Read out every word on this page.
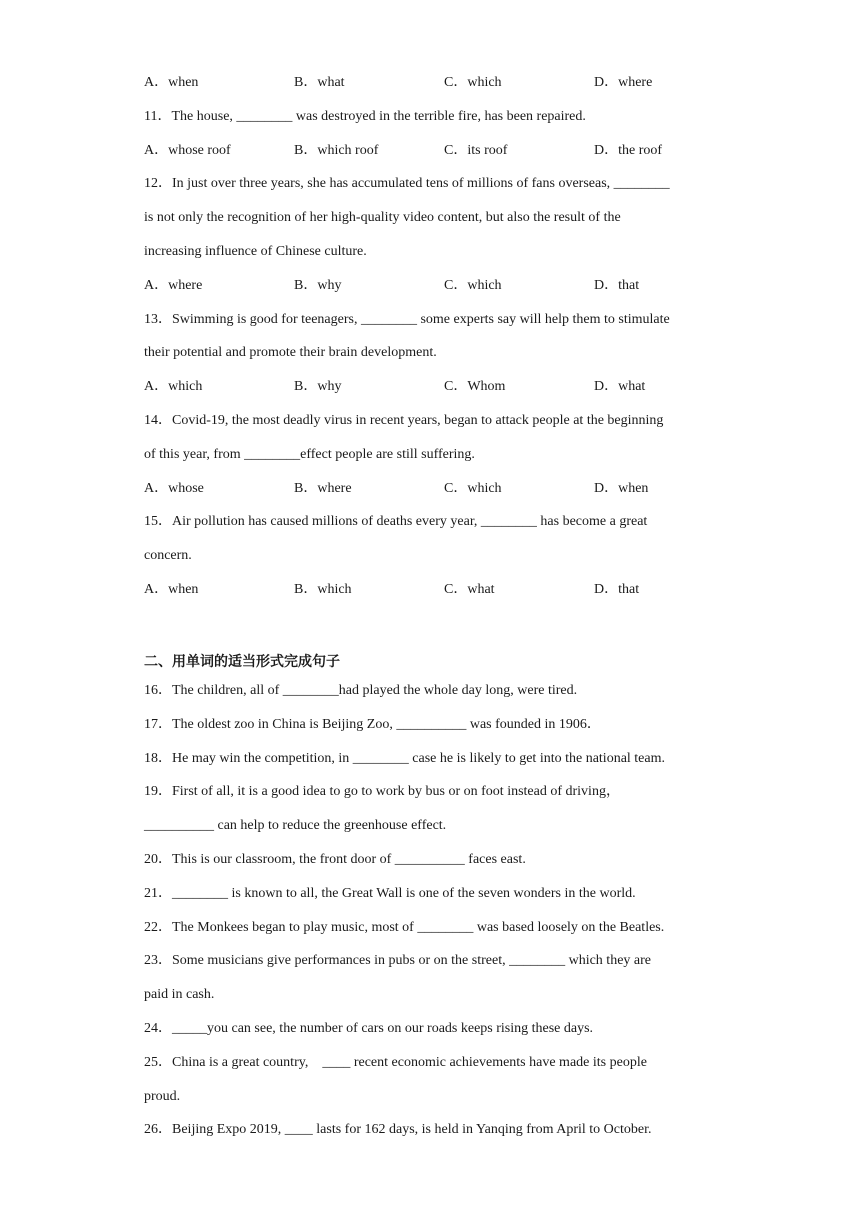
A．when	B．what	C．which	D．where
11．The house, ________ was destroyed in the terrible fire, has been repaired.
A．whose roof	B．which roof	C．its roof	D．the roof
12．In just over three years, she has accumulated tens of millions of fans overseas, ________
is not only the recognition of her high-quality video content, but also the result of the
increasing influence of Chinese culture.
A．where	B．why	C．which	D．that
13．Swimming is good for teenagers, ________ some experts say will help them to stimulate
their potential and promote their brain development.
A．which	B．why	C．Whom	D．what
14．Covid-19, the most deadly virus in recent years, began to attack people at the beginning
of this year, from ________effect people are still suffering.
A．whose	B．where	C．which	D．when
15．Air pollution has caused millions of deaths every year, ________ has become a great
concern.
A．when	B．which	C．what	D．that
二、用单词的适当形式完成句子
16．The children, all of ________had played the whole day long, were tired.
17．The oldest zoo in China is Beijing Zoo, __________ was founded in 1906．
18．He may win the competition, in ________ case he is likely to get into the national team.
19．First of all, it is a good idea to go to work by bus or on foot instead of driving，
__________ can help to reduce the greenhouse effect.
20．This is our classroom, the front door of __________ faces east.
21．________ is known to all, the Great Wall is one of the seven wonders in the world.
22．The Monkees began to play music, most of ________ was based loosely on the Beatles.
23．Some musicians give performances in pubs or on the street, ________ which they are
paid in cash.
24．_____you can see, the number of cars on our roads keeps rising these days.
25．China is a great country,    ____ recent economic achievements have made its people
proud.
26．Beijing Expo 2019, ____ lasts for 162 days, is held in Yanqing from April to October.
